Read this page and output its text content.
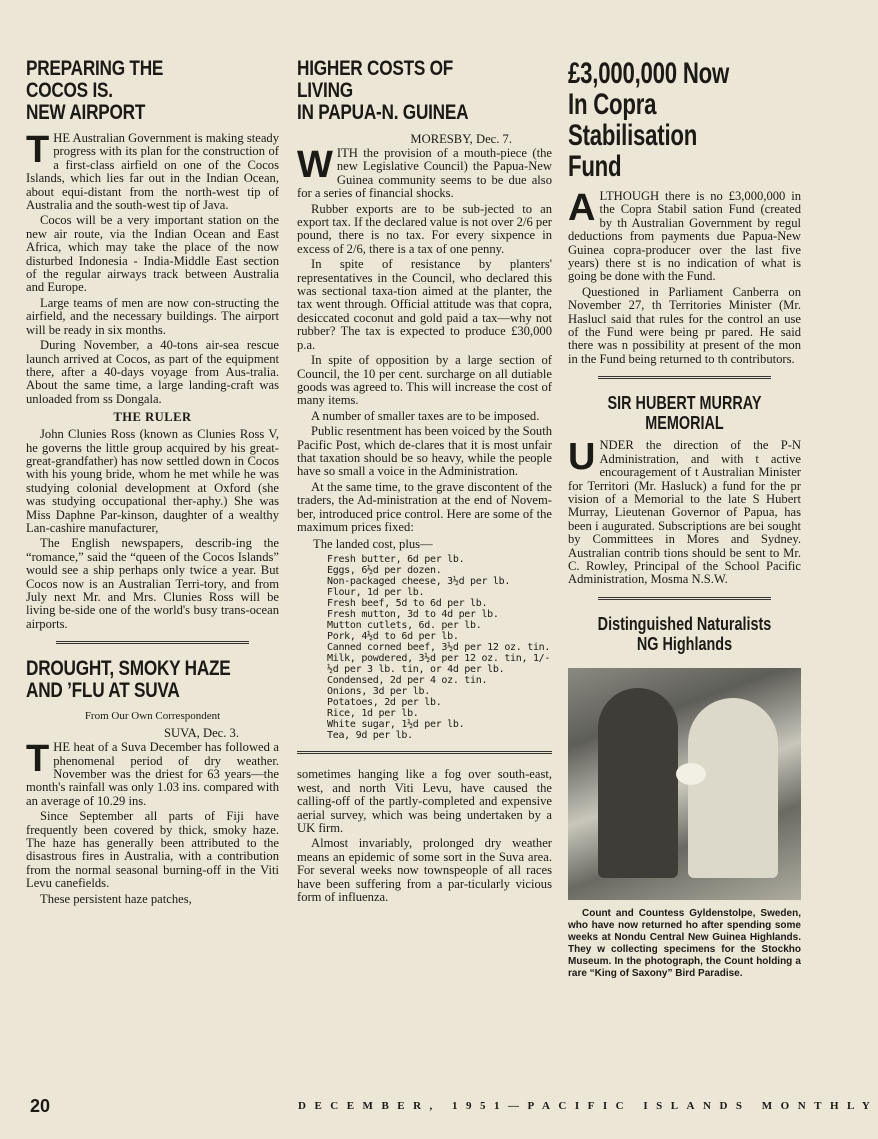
PREPARING THE
COCOS IS.
NEW AIRPORT

THE Australian Government is making steady progress with its plan for the construction of a first-class airfield on one of the Cocos Islands, which lies far out in the Indian Ocean, about equi-distant from the north-west tip of Australia and the south-west tip of Java.

Cocos will be a very important station on the new air route, via the Indian Ocean and East Africa, which may take the place of the now disturbed Indonesia - India-Middle East section of the regular airways track between Australia and Europe.

Large teams of men are now con-structing the airfield, and the necessary buildings. The airport will be ready in six months.

During November, a 40-tons air-sea rescue launch arrived at Cocos, as part of the equipment there, after a 40-days voyage from Aus-tralia. About the same time, a large landing-craft was unloaded from ss Dongala.

THE RULER

John Clunies Ross (known as Clunies Ross V, he governs the little group acquired by his great-great-grandfather) has now settled down in Cocos with his young bride, whom he met while he was studying colonial development at Oxford (she was studying occupational ther-aphy.) She was Miss Daphne Par-kinson, daughter of a wealthy Lan-cashire manufacturer,

The English newspapers, describ-ing the “romance,” said the “queen of the Cocos Islands” would see a ship perhaps only twice a year. But Cocos now is an Australian Terri-tory, and from July next Mr. and Mrs. Clunies Ross will be living be-side one of the world's busy trans-ocean airports.

DROUGHT, SMOKY HAZE
AND ’FLU AT SUVA
From Our Own Correspondent
SUVA, Dec. 3.

THE heat of a Suva December has followed a phenomenal period of dry weather. November was the driest for 63 years—the month's rainfall was only 1.03 ins. compared with an average of 10.29 ins.

Since September all parts of Fiji have frequently been covered by thick, smoky haze. The haze has generally been attributed to the disastrous fires in Australia, with a contribution from the normal seasonal burning-off in the Viti Levu canefields.

These persistent haze patches,

HIGHER COSTS OF
LIVING
IN PAPUA-N. GUINEA
MORESBY, Dec. 7.

WITH the provision of a mouth-piece (the new Legislative Council) the Papua-New Guinea community seems to be due also for a series of financial shocks.

Rubber exports are to be sub-jected to an export tax. If the declared value is not over 2/6 per pound, there is no tax. For every sixpence in excess of 2/6, there is a tax of one penny.

In spite of resistance by planters' representatives in the Council, who declared this was sectional taxa-tion aimed at the planter, the tax went through. Official attitude was that copra, desiccated coconut and gold paid a tax—why not rubber? The tax is expected to produce £30,000 p.a.

In spite of opposition by a large section of Council, the 10 per cent. surcharge on all dutiable goods was agreed to. This will increase the cost of many items.

A number of smaller taxes are to be imposed.

Public resentment has been voiced by the South Pacific Post, which de-clares that it is most unfair that taxation should be so heavy, while the people have so small a voice in the Administration.

At the same time, to the grave discontent of the traders, the Ad-ministration at the end of Novem-ber, introduced price control. Here are some of the maximum prices fixed:

The landed cost, plus—
Fresh butter, 6d per lb.
Eggs, 6½d per dozen.
Non-packaged cheese, 3½d per lb.
Flour, 1d per lb.
Fresh beef, 5d to 6d per lb.
Fresh mutton, 3d to 4d per lb.
Mutton cutlets, 6d. per lb.
Pork, 4½d to 6d per lb.
Canned corned beef, 3½d per 12 oz. tin.
Milk, powdered, 3½d per 12 oz. tin, 1/-½d per 3 lb. tin, or 4d per lb. Condensed, 2d per 4 oz. tin.
Onions, 3d per lb.
Potatoes, 2d per lb.
Rice, 1d per lb.
White sugar, 1½d per lb.
Tea, 9d per lb.

sometimes hanging like a fog over south-east, west, and north Viti Levu, have caused the calling-off of the partly-completed and expensive aerial survey, which was being undertaken by a UK firm.

Almost invariably, prolonged dry weather means an epidemic of some sort in the Suva area. For several weeks now townspeople of all races have been suffering from a par-ticularly vicious form of influenza.

£3,000,000 Now
In Copra
Stabilisation Fund

ALTHOUGH there is no £3,000,000 in the Copra Stabil sation Fund (created by th Australian Government by regul deductions from payments due Papua-New Guinea copra-producer over the last five years) there st is no indication of what is going be done with the Fund.

Questioned in Parliament Canberra on November 27, th Territories Minister (Mr. Haslucl said that rules for the control an use of the Fund were being pr pared. He said there was n possibility at present of the mon in the Fund being returned to th contributors.

SIR HUBERT MURRAY
MEMORIAL

UNDER the direction of the P-N Administration, and with t active encouragement of t Australian Minister for Territori (Mr. Hasluck) a fund for the pr vision of a Memorial to the late S Hubert Murray, Lieutenan Governor of Papua, has been i augurated. Subscriptions are bei sought by Committees in Mores and Sydney. Australian contrib tions should be sent to Mr. C. Rowley, Principal of the School Pacific Administration, Mosma N.S.W.

Distinguished Naturalists
NG Highlands
Count and Countess Gyldenstolpe, Sweden, who have now returned ho after spending some weeks at Nondu Central New Guinea Highlands. They w collecting specimens for the Stockho Museum. In the photograph, the Count holding a rare “King of Saxony” Bird Paradise.
20	DECEMBER, 1951—PACIFIC ISLANDS MONTHLY
